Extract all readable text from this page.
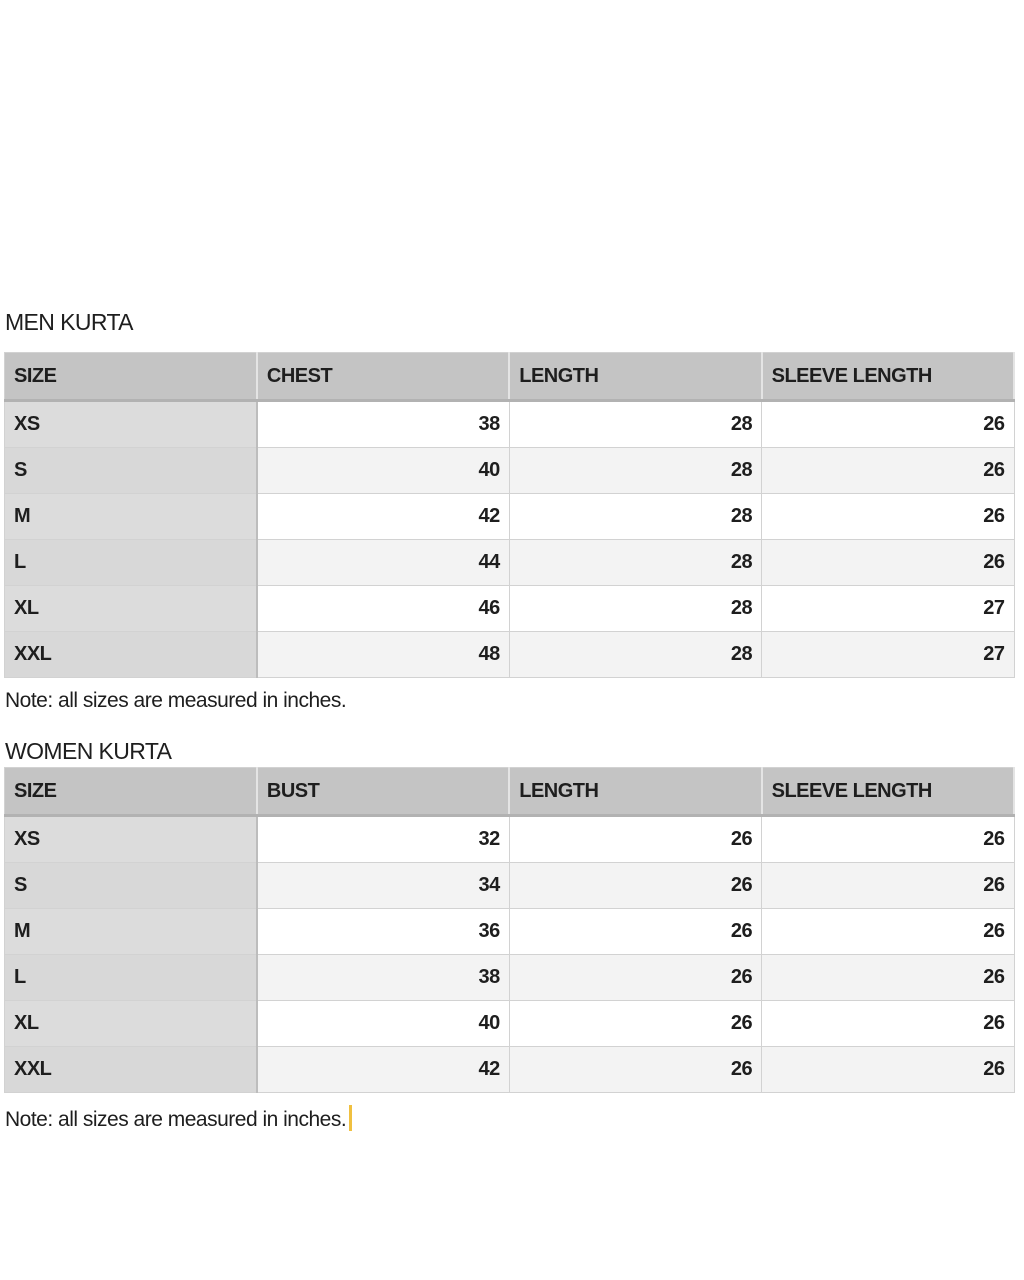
MEN KURTA
SIZE	CHEST	LENGTH	SLEEVE LENGTH
XS	38	28	26
S	40	28	26
M	42	28	26
L	44	28	26
XL	46	28	27
XXL	48	28	27

Note: all sizes are measured in inches.

WOMEN KURTA
SIZE	BUST	LENGTH	SLEEVE LENGTH
XS	32	26	26
S	34	26	26
M	36	26	26
L	38	26	26
XL	40	26	26
XXL	42	26	26

Note: all sizes are measured in inches.
